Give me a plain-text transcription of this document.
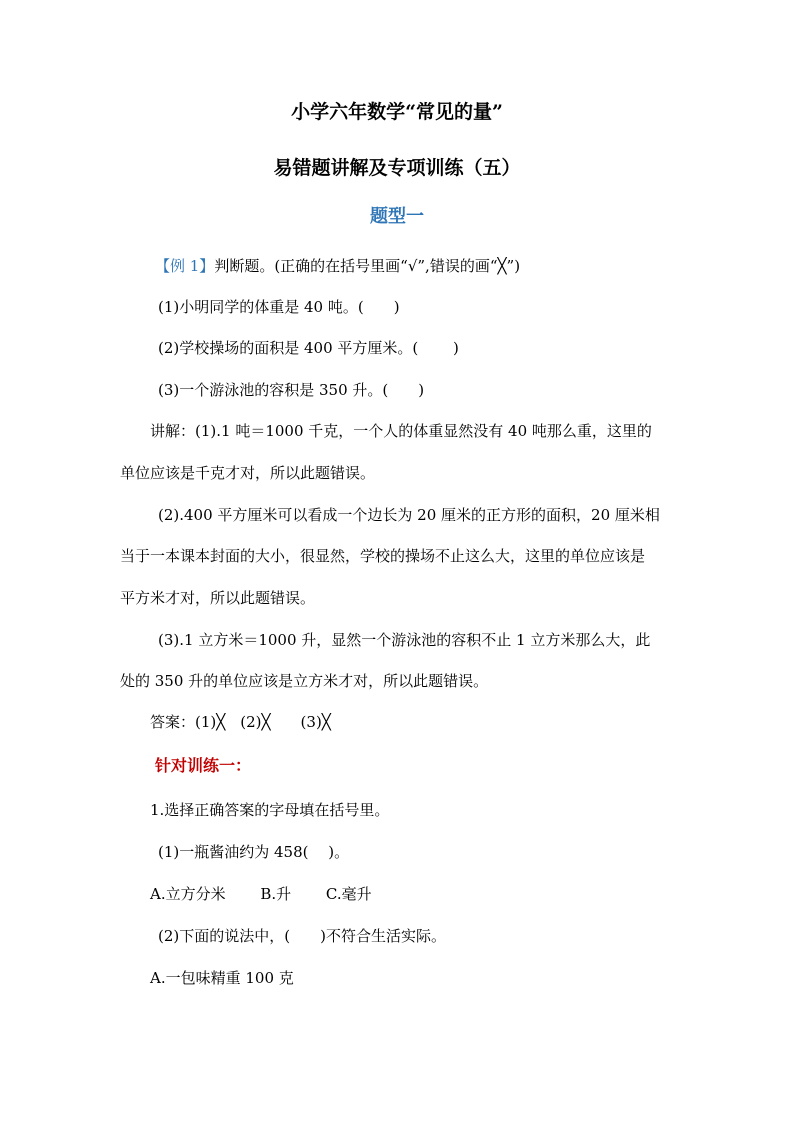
小学六年数学“常见的量”
易错题讲解及专项训练（五）
题型一
【例 1】判断题。(正确的在括号里画“√”,错误的画“╳”)
(1)小明同学的体重是 40 吨。(　　)
(2)学校操场的面积是 400 平方厘米。(　　 )
(3)一个游泳池的容积是 350 升。(　　)
讲解：(1).1 吨＝1000 千克，一个人的体重显然没有 40 吨那么重，这里的
单位应该是千克才对，所以此题错误。
(2).400 平方厘米可以看成一个边长为 20 厘米的正方形的面积，20 厘米相
当于一本课本封面的大小，很显然，学校的操场不止这么大，这里的单位应该是
平方米才对，所以此题错误。
(3).1 立方米＝1000 升，显然一个游泳池的容积不止 1 立方米那么大，此
处的 350 升的单位应该是立方米才对，所以此题错误。
答案：(1)╳　(2)╳　　(3)╳
针对训练一：
1.选择正确答案的字母填在括号里。
(1)一瓶酱油约为 458(　 )。
A.立方分米　　 B.升　　 C.毫升
(2)下面的说法中，(　　)不符合生活实际。
A.一包味精重 100 克
